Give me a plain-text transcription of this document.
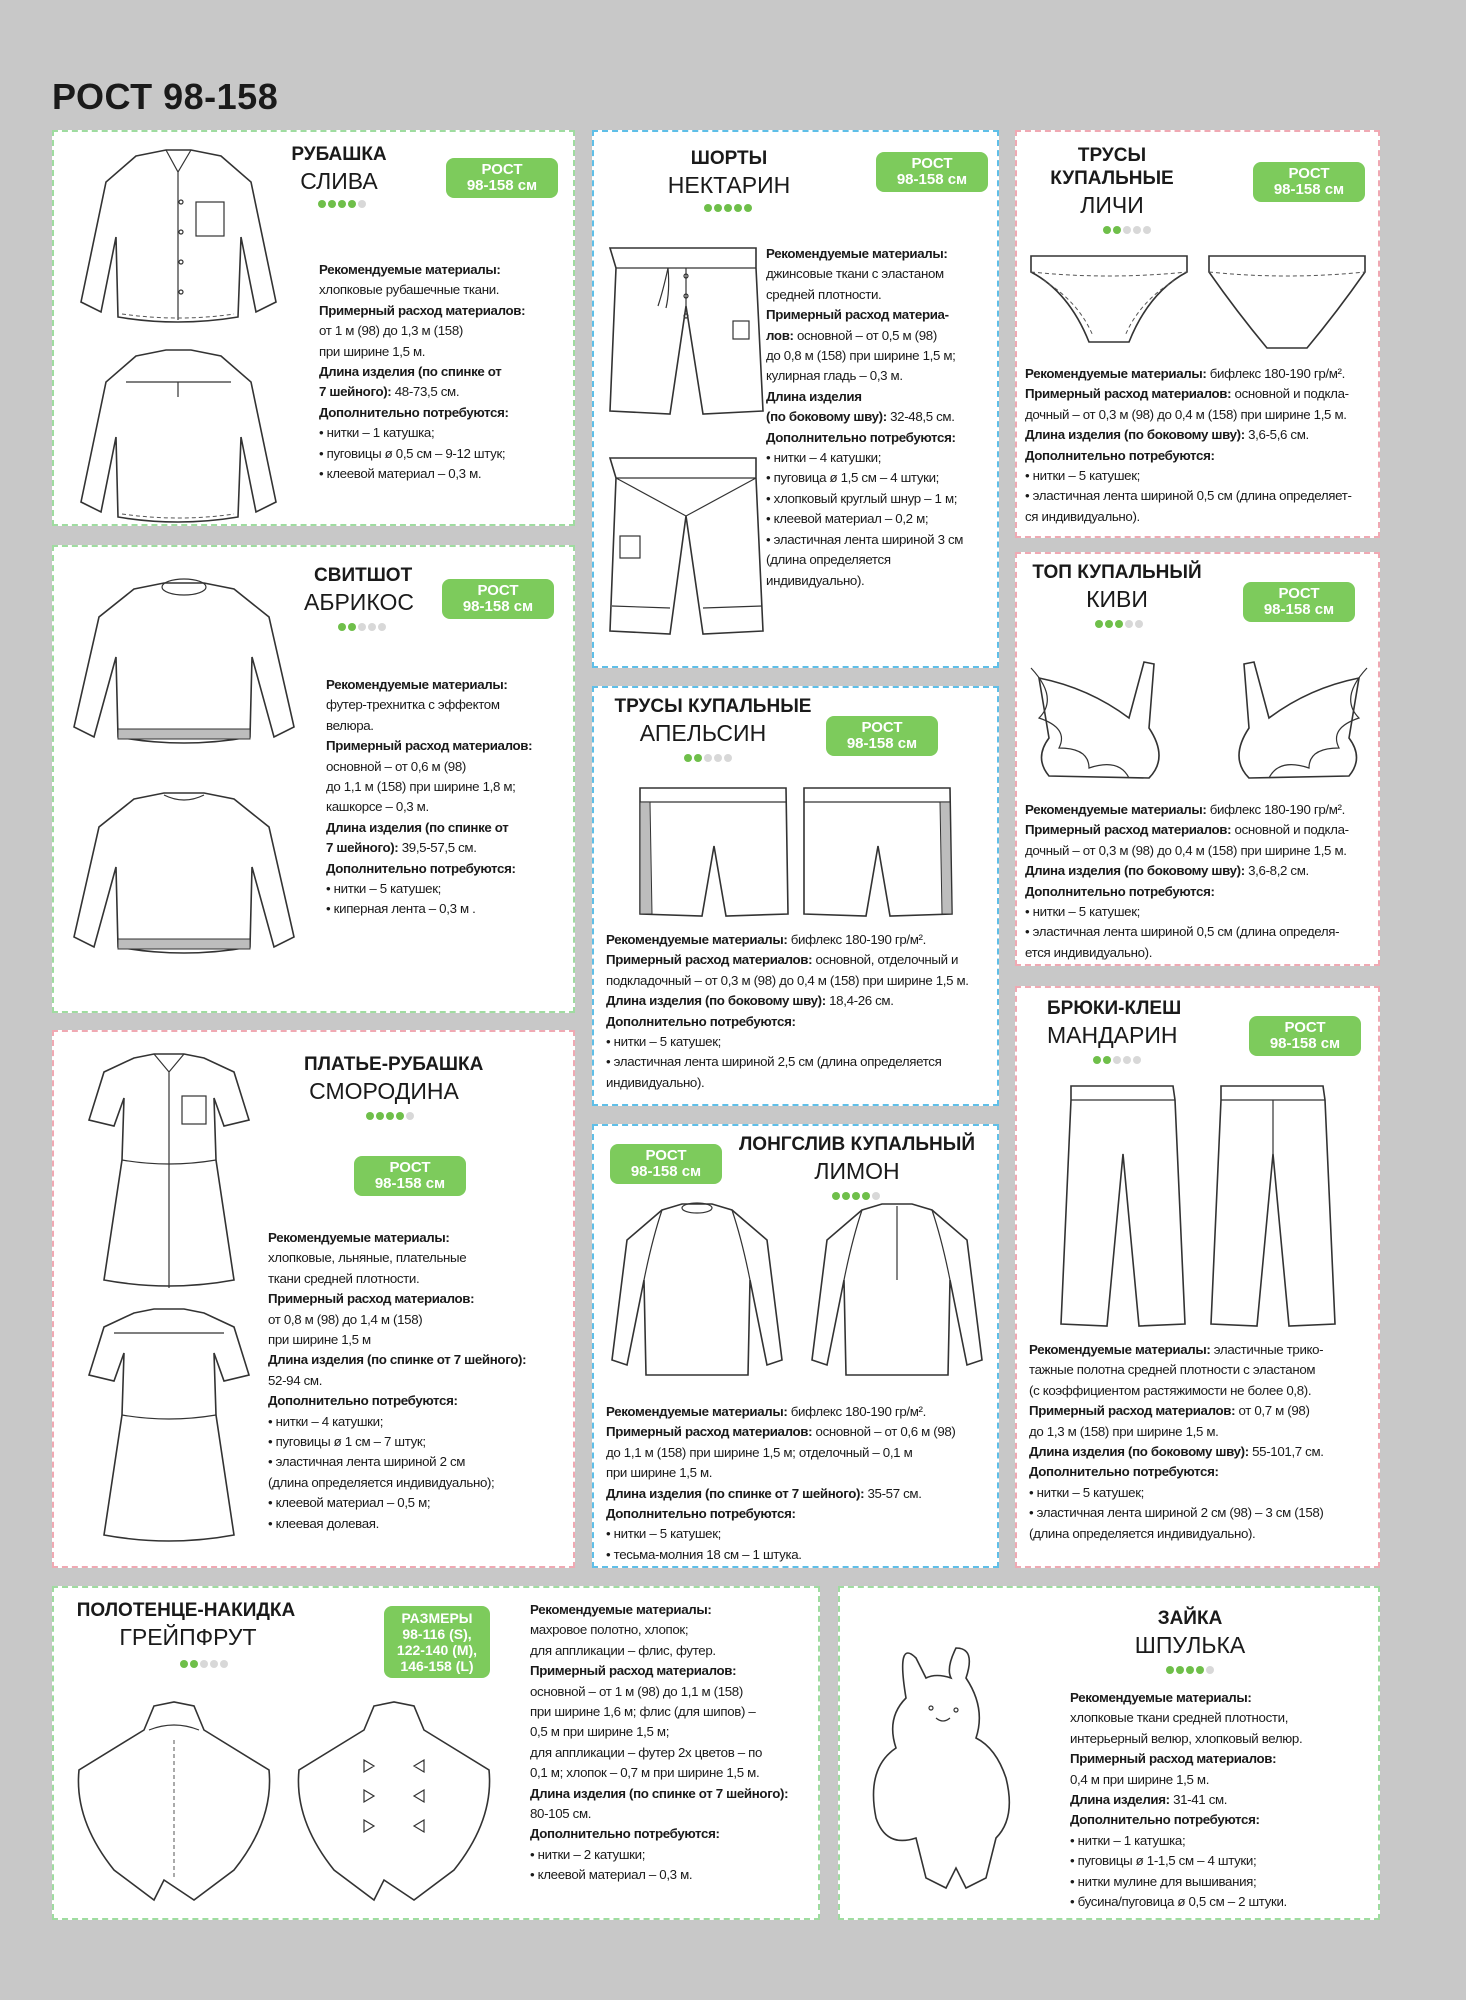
РОСТ 98-158
РУБАШКА
СЛИВА	РОСТ
98-158 см
Рекомендуемые материалы:
хлопковые рубашечные ткани.
Примерный расход материалов:
от 1 м (98) до 1,3 м (158)
при ширине 1,5 м.
Длина изделия (по спинке от
7 шейного): 48-73,5 см.
Дополнительно потребуются:
• нитки – 1 катушка;
• пуговицы ø 0,5 см – 9-12 штук;
• клеевой материал – 0,3 м.
СВИТШОТ
АБРИКОС	РОСТ
98-158 см
Рекомендуемые материалы:
футер-трехнитка с эффектом
велюра.
Примерный расход материалов:
основной – от 0,6 м (98)
до 1,1 м (158) при ширине 1,8 м;
кашкорсе – 0,3 м.
Длина изделия (по спинке от
7 шейного): 39,5-57,5 см.
Дополнительно потребуются:
• нитки – 5 катушек;
• киперная лента – 0,3 м .
ПЛАТЬЕ-РУБАШКА
СМОРОДИНА
РОСТ
98-158 см
Рекомендуемые материалы:
хлопковые, льняные, плательные
ткани средней плотности.
Примерный расход материалов:
от 0,8 м (98) до 1,4 м (158)
при ширине 1,5 м
Длина изделия (по спинке от 7 шейного):
52-94 см.
Дополнительно потребуются:
• нитки – 4 катушки;
• пуговицы ø 1 см – 7 штук;
• эластичная лента шириной 2 см
(длина определяется индивидуально);
• клеевой материал – 0,5 м;
• клеевая долевая.
ШОРТЫ
НЕКТАРИН
РОСТ
98-158 см
Рекомендуемые материалы:
джинсовые ткани с эластаном
средней плотности.
Примерный расход материа-
лов: основной – от 0,5 м (98)
до 0,8 м (158) при ширине 1,5 м;
кулирная гладь – 0,3 м.
Длина изделия
(по боковому шву): 32-48,5 см.
Дополнительно потребуются:
• нитки – 4 катушки;
• пуговица ø 1,5 см – 4 штуки;
• хлопковый круглый шнур – 1 м;
• клеевой материал – 0,2 м;
• эластичная лента шириной 3 см
(длина определяется
индивидуально).
ТРУСЫ КУПАЛЬНЫЕ
АПЕЛЬСИН	РОСТ
98-158 см
Рекомендуемые материалы: бифлекс 180-190 гр/м².
Примерный расход материалов: основной, отделочный и
подкладочный – от 0,3 м (98) до 0,4 м (158) при ширине 1,5 м.
Длина изделия (по боковому шву): 18,4-26 см.
Дополнительно потребуются:
• нитки – 5 катушек;
• эластичная лента шириной 2,5 см (длина определяется
индивидуально).
РОСТ
98-158 см
ЛОНГСЛИВ КУПАЛЬНЫЙ
ЛИМОН
Рекомендуемые материалы: бифлекс 180-190 гр/м².
Примерный расход материалов: основной – от 0,6 м (98)
до 1,1 м (158) при ширине 1,5 м; отделочный – 0,1 м
при ширине 1,5 м.
Длина изделия (по спинке от 7 шейного): 35-57 см.
Дополнительно потребуются:
• нитки – 5 катушек;
• тесьма-молния 18 см – 1 штука.
ТРУСЫ
КУПАЛЬНЫЕ
ЛИЧИ
РОСТ
98-158 см
Рекомендуемые материалы: бифлекс 180-190 гр/м².
Примерный расход материалов: основной и подкла-
дочный – от 0,3 м (98) до 0,4 м (158) при ширине 1,5 м.
Длина изделия (по боковому шву): 3,6-5,6 см.
Дополнительно потребуются:
• нитки – 5 катушек;
• эластичная лента шириной 0,5 см (длина определяет-
ся индивидуально).
ТОП КУПАЛЬНЫЙ
КИВИ	РОСТ
98-158 см
Рекомендуемые материалы: бифлекс 180-190 гр/м².
Примерный расход материалов: основной и подкла-
дочный – от 0,3 м (98) до 0,4 м (158) при ширине 1,5 м.
Длина изделия (по боковому шву): 3,6-8,2 см.
Дополнительно потребуются:
• нитки – 5 катушек;
• эластичная лента шириной 0,5 см (длина определя-
ется индивидуально).
БРЮКИ-КЛЕШ
МАНДАРИН	РОСТ
98-158 см
Рекомендуемые материалы: эластичные трико-
тажные полотна средней плотности с эластаном
(с коэффициентом растяжимости не более 0,8).
Примерный расход материалов: от 0,7 м (98)
до 1,3 м (158) при ширине 1,5 м.
Длина изделия (по боковому шву): 55-101,7 см.
Дополнительно потребуются:
• нитки – 5 катушек;
• эластичная лента шириной 2 см (98) – 3 см (158)
(длина определяется индивидуально).
ПОЛОТЕНЦЕ-НАКИДКА
ГРЕЙПФРУТ
РАЗМЕРЫ
98-116 (S),
122-140 (M),
146-158 (L)
Рекомендуемые материалы:
махровое полотно, хлопок;
для аппликации – флис, футер.
Примерный расход материалов:
основной – от 1 м (98) до 1,1 м (158)
при ширине 1,6 м; флис (для шипов) –
0,5 м при ширине 1,5 м;
для аппликации – футер 2х цветов – по
0,1 м; хлопок – 0,7 м при ширине 1,5 м.
Длина изделия (по спинке от 7 шейного):
80-105 см.
Дополнительно потребуются:
• нитки – 2 катушки;
• клеевой материал – 0,3 м.
ЗАЙКА
ШПУЛЬКА
Рекомендуемые материалы:
хлопковые ткани средней плотности,
интерьерный велюр, хлопковый велюр.
Примерный расход материалов:
0,4 м при ширине 1,5 м.
Длина изделия: 31-41 см.
Дополнительно потребуются:
• нитки – 1 катушка;
• пуговицы ø 1-1,5 см – 4 штуки;
• нитки мулине для вышивания;
• бусина/пуговица ø 0,5 см – 2 штуки.
